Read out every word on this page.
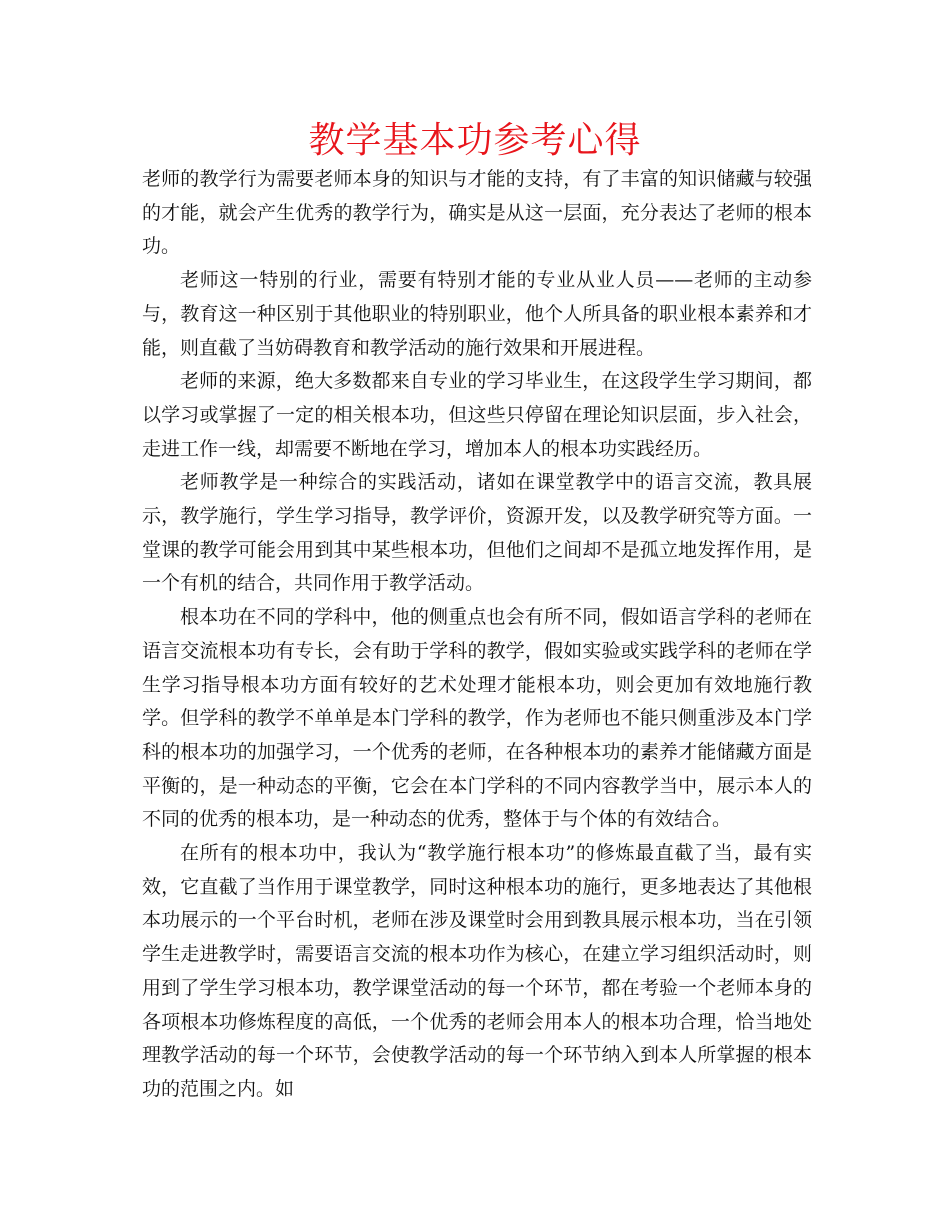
教学基本功参考心得

老师的教学行为需要老师本身的知识与才能的支持，有了丰富的知识储藏与较强的才能，就会产生优秀的教学行为，确实是从这一层面，充分表达了老师的根本功。

老师这一特别的行业，需要有特别才能的专业从业人员——老师的主动参与，教育这一种区别于其他职业的特别职业，他个人所具备的职业根本素养和才能，则直截了当妨碍教育和教学活动的施行效果和开展进程。

老师的来源，绝大多数都来自专业的学习毕业生，在这段学生学习期间，都以学习或掌握了一定的相关根本功，但这些只停留在理论知识层面，步入社会，走进工作一线，却需要不断地在学习，增加本人的根本功实践经历。

老师教学是一种综合的实践活动，诸如在课堂教学中的语言交流，教具展示，教学施行，学生学习指导，教学评价，资源开发，以及教学研究等方面。一堂课的教学可能会用到其中某些根本功，但他们之间却不是孤立地发挥作用，是一个有机的结合，共同作用于教学活动。

根本功在不同的学科中，他的侧重点也会有所不同，假如语言学科的老师在语言交流根本功有专长，会有助于学科的教学，假如实验或实践学科的老师在学生学习指导根本功方面有较好的艺术处理才能根本功，则会更加有效地施行教学。但学科的教学不单单是本门学科的教学，作为老师也不能只侧重涉及本门学科的根本功的加强学习，一个优秀的老师，在各种根本功的素养才能储藏方面是平衡的，是一种动态的平衡，它会在本门学科的不同内容教学当中，展示本人的不同的优秀的根本功，是一种动态的优秀，整体于与个体的有效结合。

在所有的根本功中，我认为“教学施行根本功”的修炼最直截了当，最有实效，它直截了当作用于课堂教学，同时这种根本功的施行，更多地表达了其他根本功展示的一个平台时机，老师在涉及课堂时会用到教具展示根本功，当在引领学生走进教学时，需要语言交流的根本功作为核心，在建立学习组织活动时，则用到了学生学习根本功，教学课堂活动的每一个环节，都在考验一个老师本身的各项根本功修炼程度的高低，一个优秀的老师会用本人的根本功合理，恰当地处理教学活动的每一个环节，会使教学活动的每一个环节纳入到本人所掌握的根本功的范围之内。如
